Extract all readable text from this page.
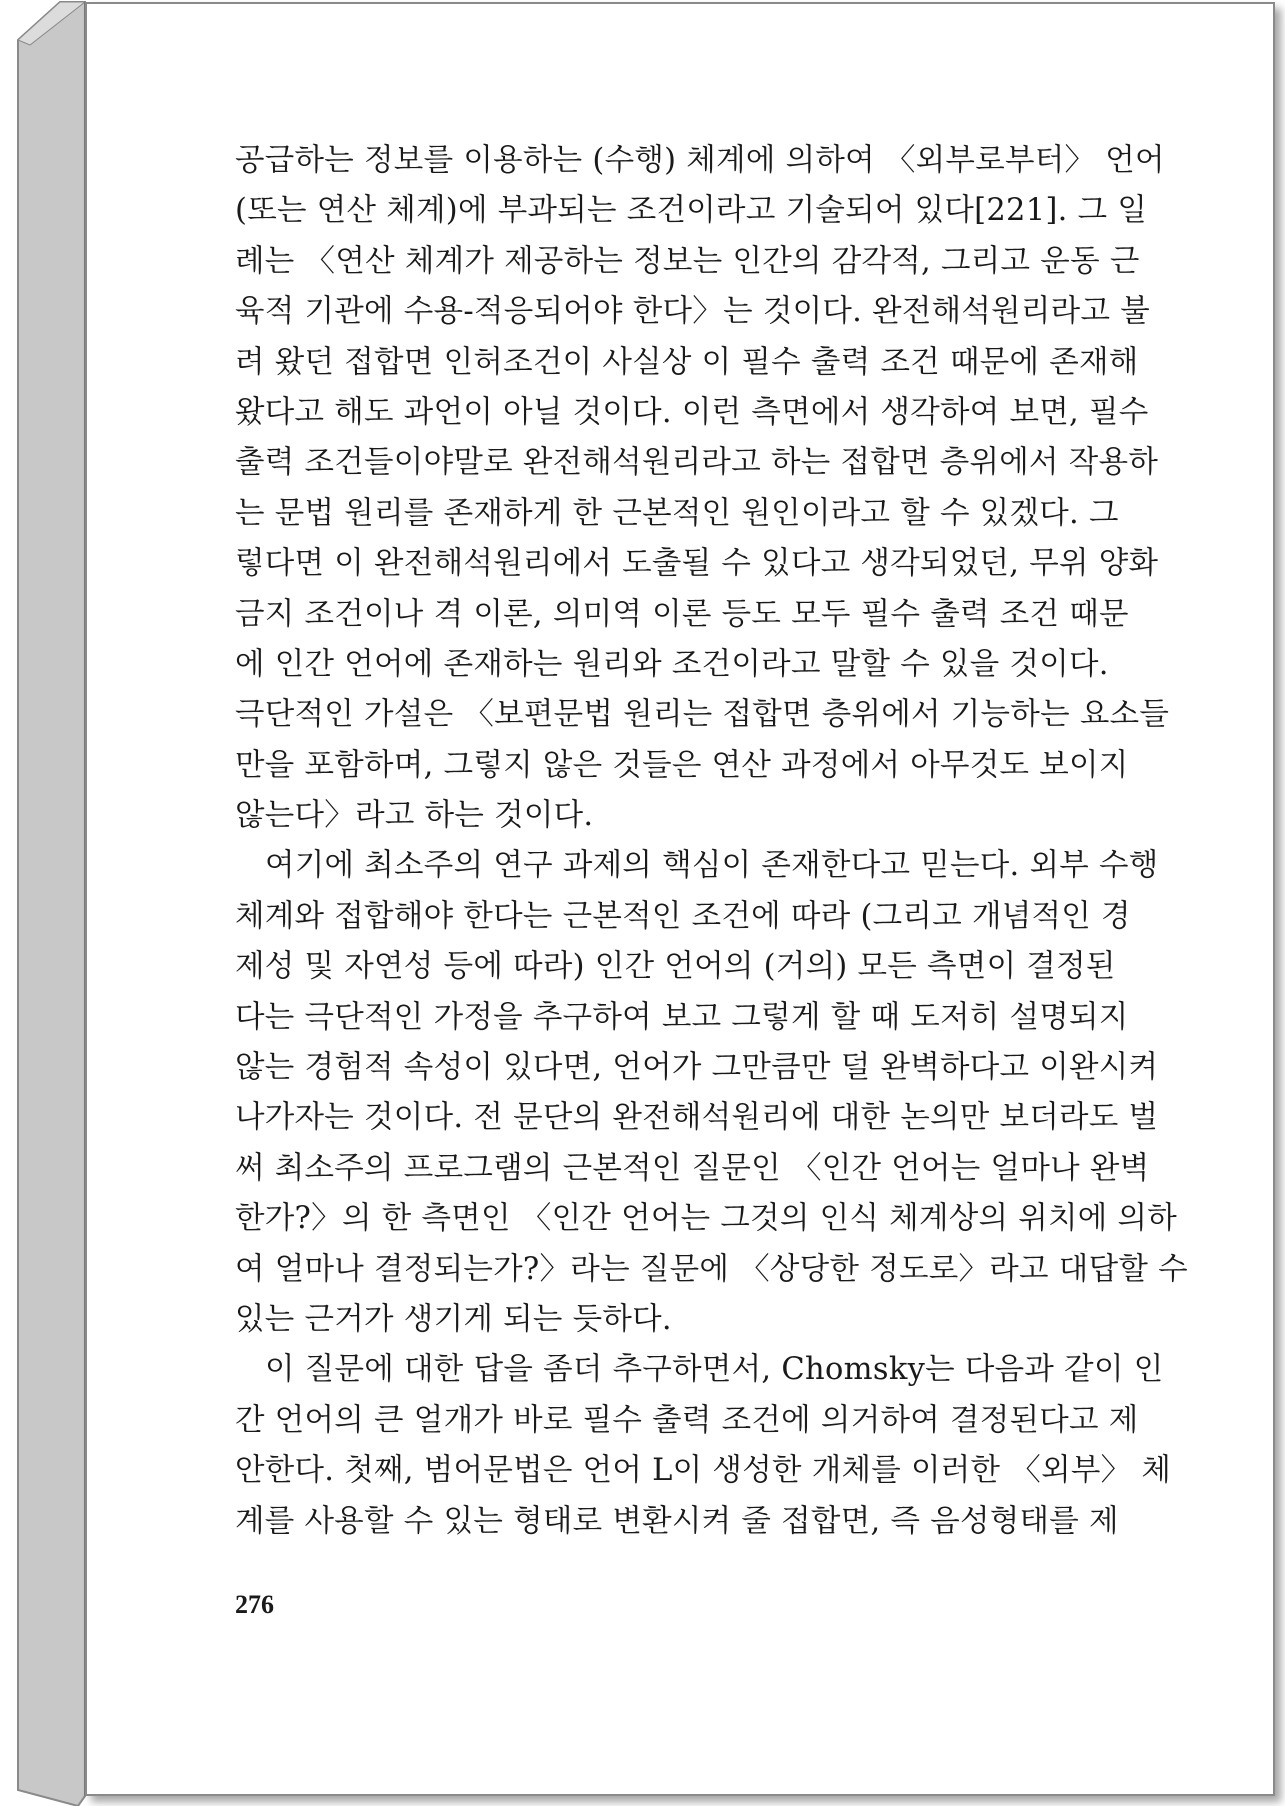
공급하는 정보를 이용하는 (수행) 체계에 의하여 〈외부로부터〉 언어
(또는 연산 체계)에 부과되는 조건이라고 기술되어 있다[221]. 그 일
례는 〈연산 체계가 제공하는 정보는 인간의 감각적, 그리고 운동 근
육적 기관에 수용-적응되어야 한다〉는 것이다. 완전해석원리라고 불
려 왔던 접합면 인허조건이 사실상 이 필수 출력 조건 때문에 존재해
왔다고 해도 과언이 아닐 것이다. 이런 측면에서 생각하여 보면, 필수
출력 조건들이야말로 완전해석원리라고 하는 접합면 층위에서 작용하
는 문법 원리를 존재하게 한 근본적인 원인이라고 할 수 있겠다. 그
렇다면 이 완전해석원리에서 도출될 수 있다고 생각되었던, 무위 양화
금지 조건이나 격 이론, 의미역 이론 등도 모두 필수 출력 조건 때문
에 인간 언어에 존재하는 원리와 조건이라고 말할 수 있을 것이다.
극단적인 가설은 〈보편문법 원리는 접합면 층위에서 기능하는 요소들
만을 포함하며, 그렇지 않은 것들은 연산 과정에서 아무것도 보이지
않는다〉라고 하는 것이다.
여기에 최소주의 연구 과제의 핵심이 존재한다고 믿는다. 외부 수행
체계와 접합해야 한다는 근본적인 조건에 따라 (그리고 개념적인 경
제성 및 자연성 등에 따라) 인간 언어의 (거의) 모든 측면이 결정된
다는 극단적인 가정을 추구하여 보고 그렇게 할 때 도저히 설명되지
않는 경험적 속성이 있다면, 언어가 그만큼만 덜 완벽하다고 이완시켜
나가자는 것이다. 전 문단의 완전해석원리에 대한 논의만 보더라도 벌
써 최소주의 프로그램의 근본적인 질문인 〈인간 언어는 얼마나 완벽
한가?〉의 한 측면인 〈인간 언어는 그것의 인식 체계상의 위치에 의하
여 얼마나 결정되는가?〉라는 질문에 〈상당한 정도로〉라고 대답할 수
있는 근거가 생기게 되는 듯하다.
이 질문에 대한 답을 좀더 추구하면서, Chomsky는 다음과 같이 인
간 언어의 큰 얼개가 바로 필수 출력 조건에 의거하여 결정된다고 제
안한다. 첫째, 범어문법은 언어 L이 생성한 개체를 이러한 〈외부〉 체
계를 사용할 수 있는 형태로 변환시켜 줄 접합면, 즉 음성형태를 제
276
